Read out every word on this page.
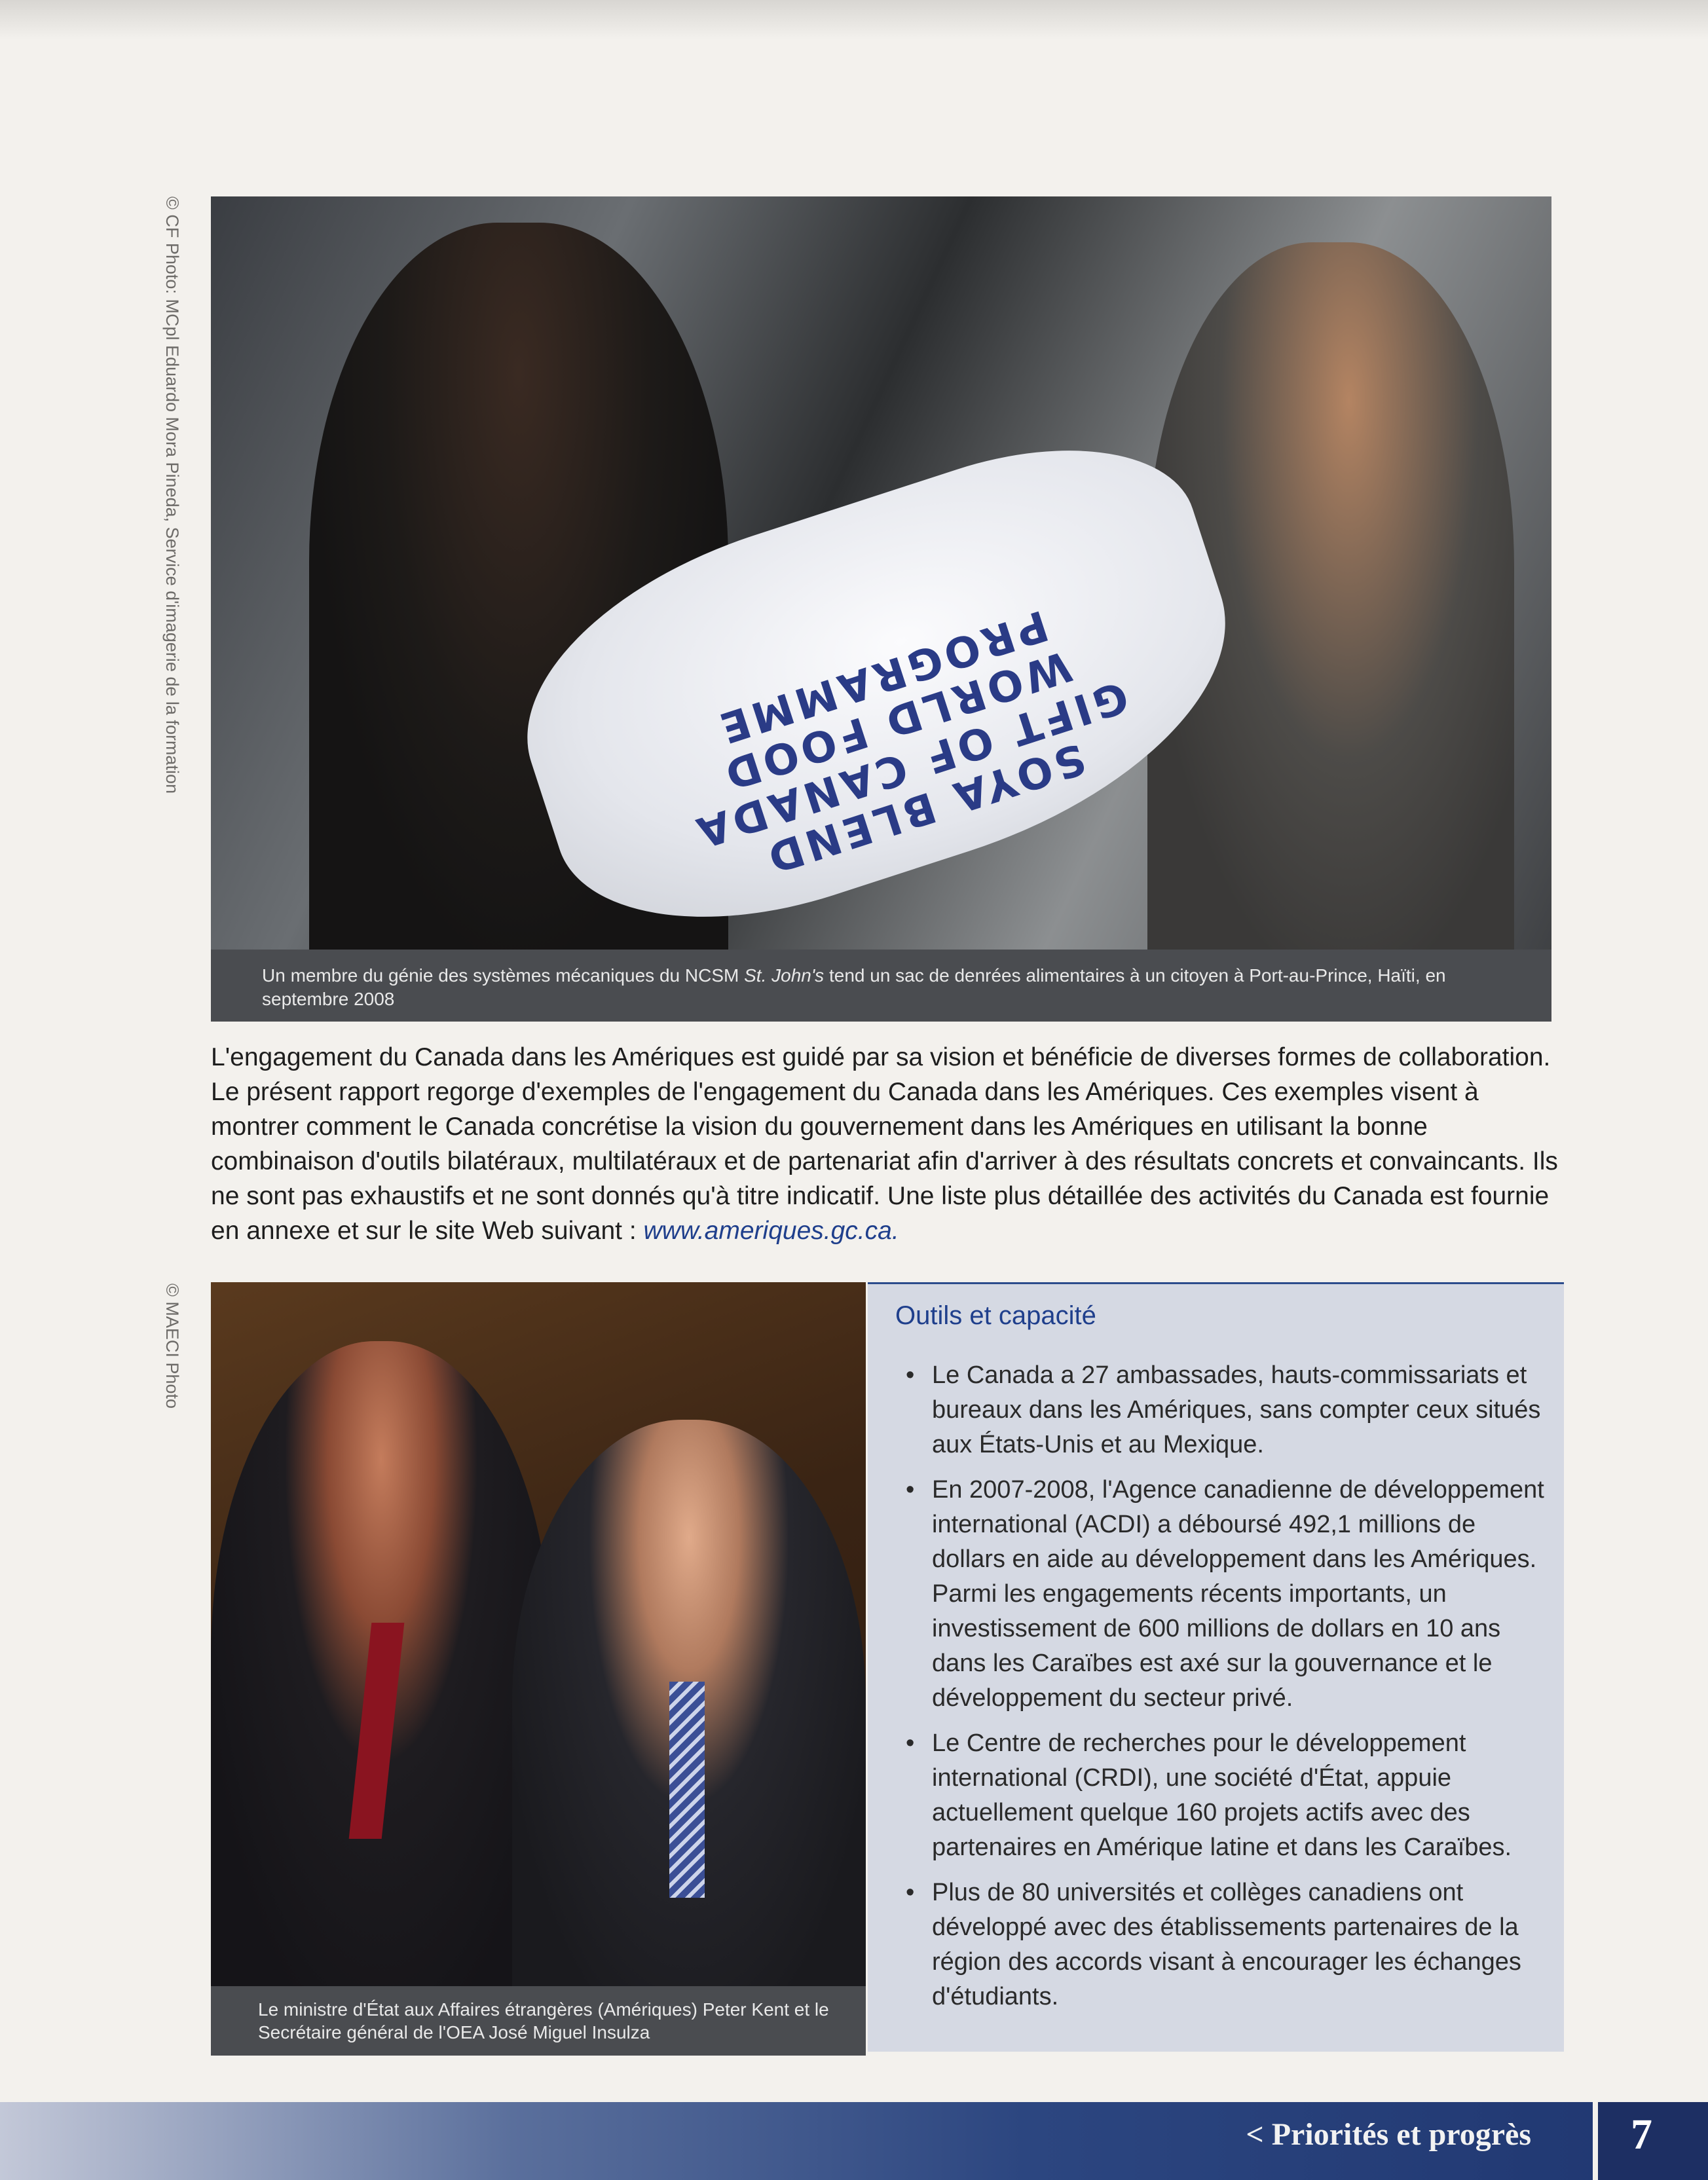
© CF Photo: MCpl Eduardo Mora Pineda, Service d'imagerie de la formation
SOYA BLEND
GIFT OF CANADA
WORLD FOOD PROGRAMME
Un membre du génie des systèmes mécaniques du NCSM St. John's tend un sac de denrées alimentaires à un citoyen à Port-au-Prince, Haïti, en septembre 2008

L'engagement du Canada dans les Amériques est guidé par sa vision et bénéficie de diverses formes de collaboration. Le présent rapport regorge d'exemples de l'engagement du Canada dans les Amériques. Ces exemples visent à montrer comment le Canada concrétise la vision du gouvernement dans les Amériques en utilisant la bonne combinaison d'outils bilatéraux, multilatéraux et de partenariat afin d'arriver à des résultats concrets et convaincants. Ils ne sont pas exhaustifs et ne sont donnés qu'à titre indicatif. Une liste plus détaillée des activités du Canada est fournie en annexe et sur le site Web suivant : www.ameriques.gc.ca.

© MAECI Photo
Le ministre d'État aux Affaires étrangères (Amériques) Peter Kent et le Secrétaire général de l'OEA José Miguel Insulza
Outils et capacité
• Le Canada a 27 ambassades, hauts-commissariats et bureaux dans les Amériques, sans compter ceux situés aux États-Unis et au Mexique.
• En 2007-2008, l'Agence canadienne de développement international (ACDI) a déboursé 492,1 millions de dollars en aide au développement dans les Amériques. Parmi les engagements récents importants, un investissement de 600 millions de dollars en 10 ans dans les Caraïbes est axé sur la gouvernance et le développement du secteur privé.
• Le Centre de recherches pour le développement international (CRDI), une société d'État, appuie actuellement quelque 160 projets actifs avec des partenaires en Amérique latine et dans les Caraïbes.
• Plus de 80 universités et collèges canadiens ont développé avec des établissements partenaires de la région des accords visant à encourager les échanges d'étudiants.
< Priorités et progrès 7
